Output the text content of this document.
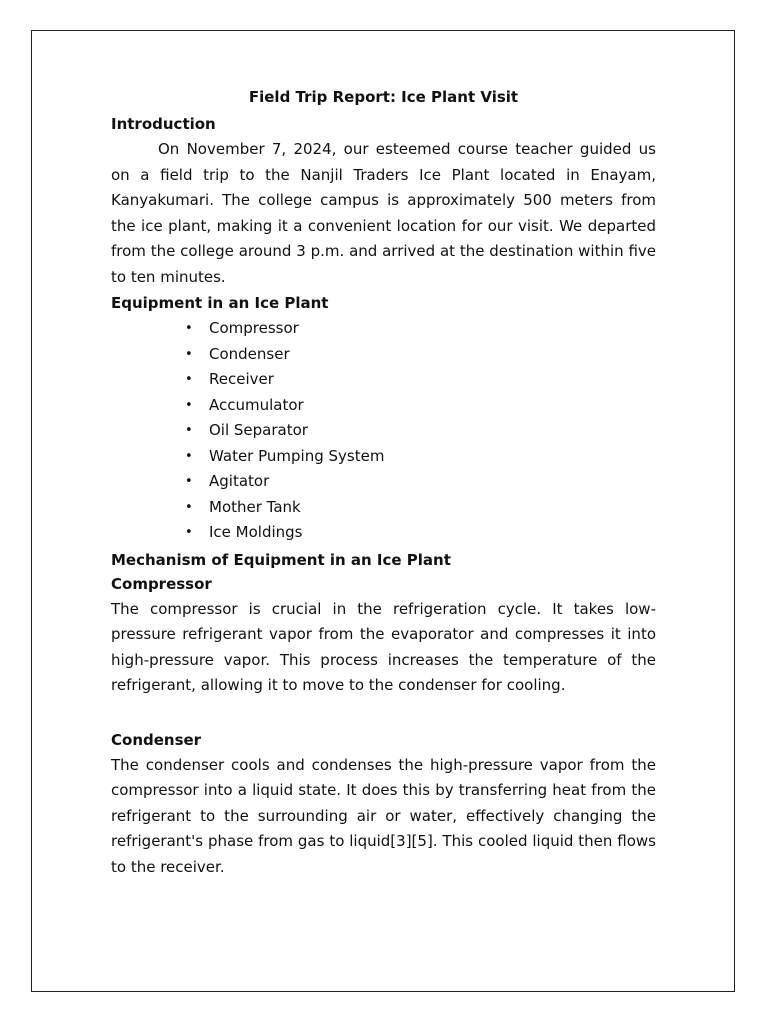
Field Trip Report: Ice Plant Visit
Introduction

On November 7, 2024, our esteemed course teacher guided us on a field trip to the Nanjil Traders Ice Plant located in Enayam, Kanyakumari. The college campus is approximately 500 meters from the ice plant, making it a convenient location for our visit. We departed from the college around 3 p.m. and arrived at the destination within five to ten minutes.

Equipment in an Ice Plant
• Compressor
• Condenser
• Receiver
• Accumulator
• Oil Separator
• Water Pumping System
• Agitator
• Mother Tank
• Ice Moldings
Mechanism of Equipment in an Ice Plant
Compressor

The compressor is crucial in the refrigeration cycle. It takes low-pressure refrigerant vapor from the evaporator and compresses it into high-pressure vapor. This process increases the temperature of the refrigerant, allowing it to move to the condenser for cooling.

Condenser

The condenser cools and condenses the high-pressure vapor from the compressor into a liquid state. It does this by transferring heat from the refrigerant to the surrounding air or water, effectively changing the refrigerant's phase from gas to liquid[3][5]. This cooled liquid then flows to the receiver.
